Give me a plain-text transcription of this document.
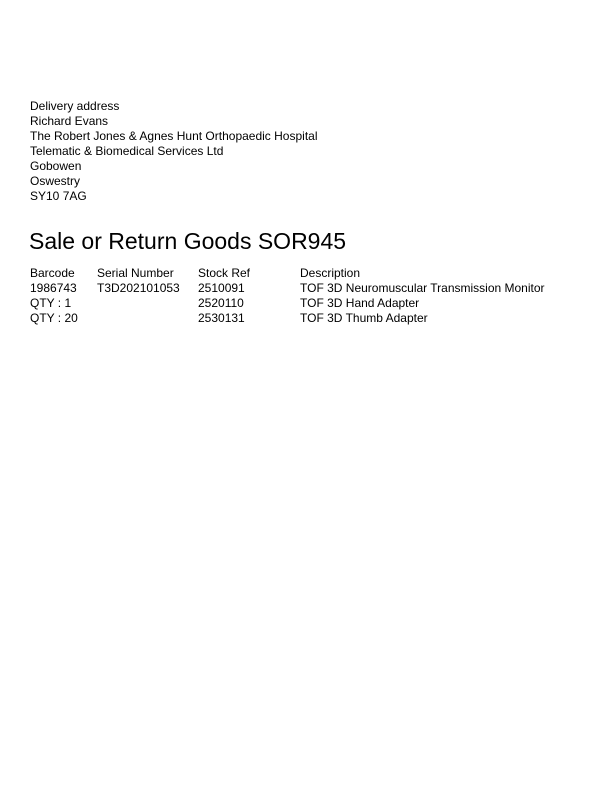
Delivery address
Richard Evans
The Robert Jones & Agnes Hunt Orthopaedic Hospital
Telematic & Biomedical Services Ltd
Gobowen
Oswestry
SY10 7AG
Sale or Return Goods SOR945
Barcode	Serial Number	Stock Ref	Description
1986743	T3D202101053	2510091	TOF 3D Neuromuscular Transmission Monitor
QTY : 1		2520110	TOF 3D Hand Adapter
QTY : 20		2530131	TOF 3D Thumb Adapter
